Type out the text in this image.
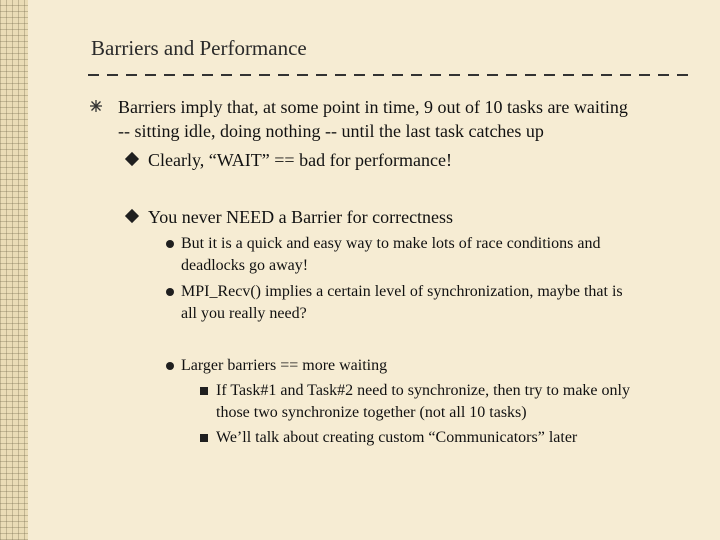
Barriers and Performance
Barriers imply that, at some point in time, 9 out of 10 tasks are waiting
-- sitting idle, doing nothing -- until the last task catches up
Clearly, “WAIT” == bad for performance!
You never NEED a Barrier for correctness
But it is a quick and easy way to make lots of race conditions and
deadlocks go away!
MPI_Recv() implies a certain level of synchronization, maybe that is
all you really need?
Larger barriers == more waiting
If Task#1 and Task#2 need to synchronize, then try to make only
those two synchronize together (not all 10 tasks)
We’ll talk about creating custom “Communicators” later
